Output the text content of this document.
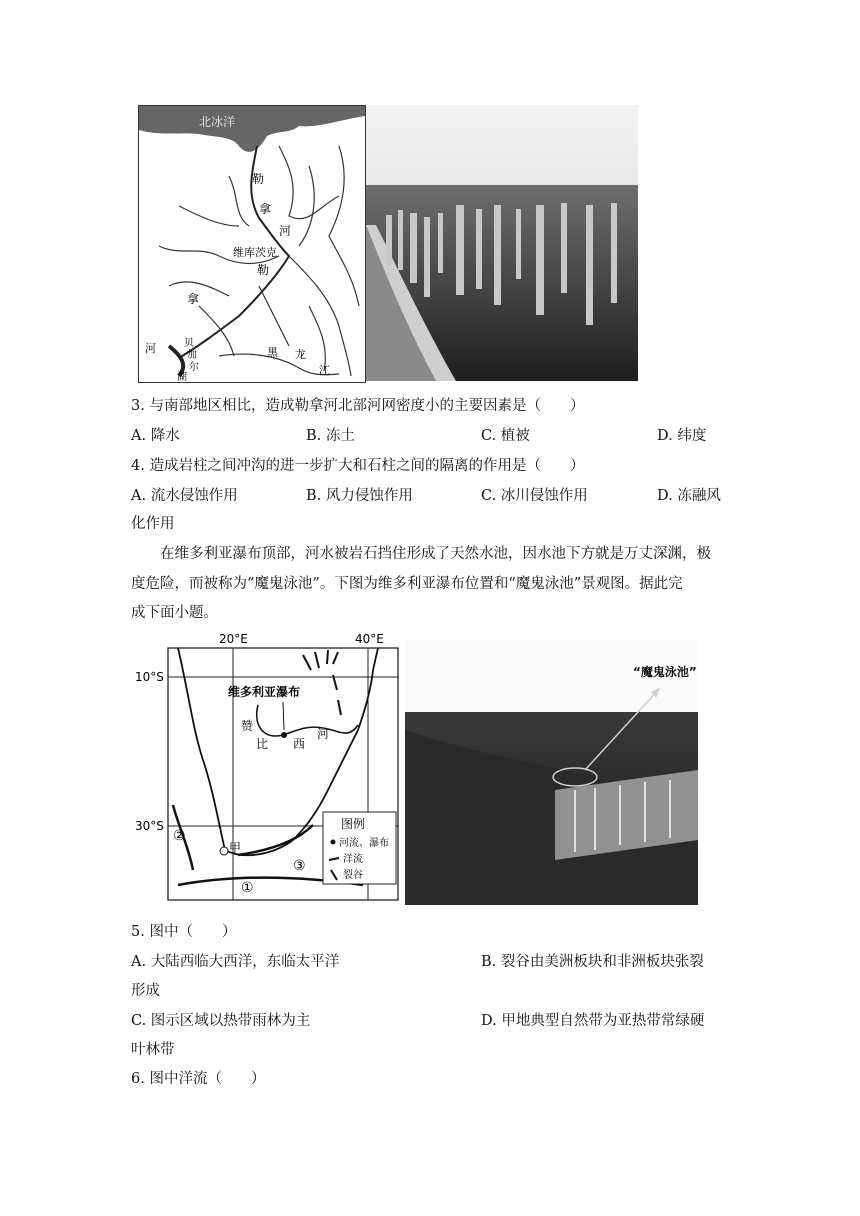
北冰洋
勒
拿
河
维库茨克
勒
拿
河	贝
加
尔
湖
黑 龙
江
3. 与南部地区相比，造成勒拿河北部河网密度小的主要因素是（　　）
A. 降水	B. 冻土	C. 植被	D. 纬度
4. 造成岩柱之间冲沟的进一步扩大和石柱之间的隔离的作用是（　　）
A. 流水侵蚀作用	B. 风力侵蚀作用	C. 冰川侵蚀作用	D. 冻融风
化作用
在维多利亚瀑布顶部，河水被岩石挡住形成了天然水池，因水池下方就是万丈深渊，极
度危险，而被称为“魔鬼泳池”。下图为维多利亚瀑布位置和“魔鬼泳池”景观图。据此完
成下面小题。
20°E	40°E
10°S
30°S
维多利亚瀑布
赞
比 西
河
甲
①
②
③
图例
河流、瀑布
洋流
裂谷
“魔鬼泳池”
5. 图中（　　）
A. 大陆西临大西洋，东临太平洋	B. 裂谷由美洲板块和非洲板块张裂
形成
C. 图示区域以热带雨林为主	D. 甲地典型自然带为亚热带常绿硬
叶林带
6. 图中洋流（　　）
